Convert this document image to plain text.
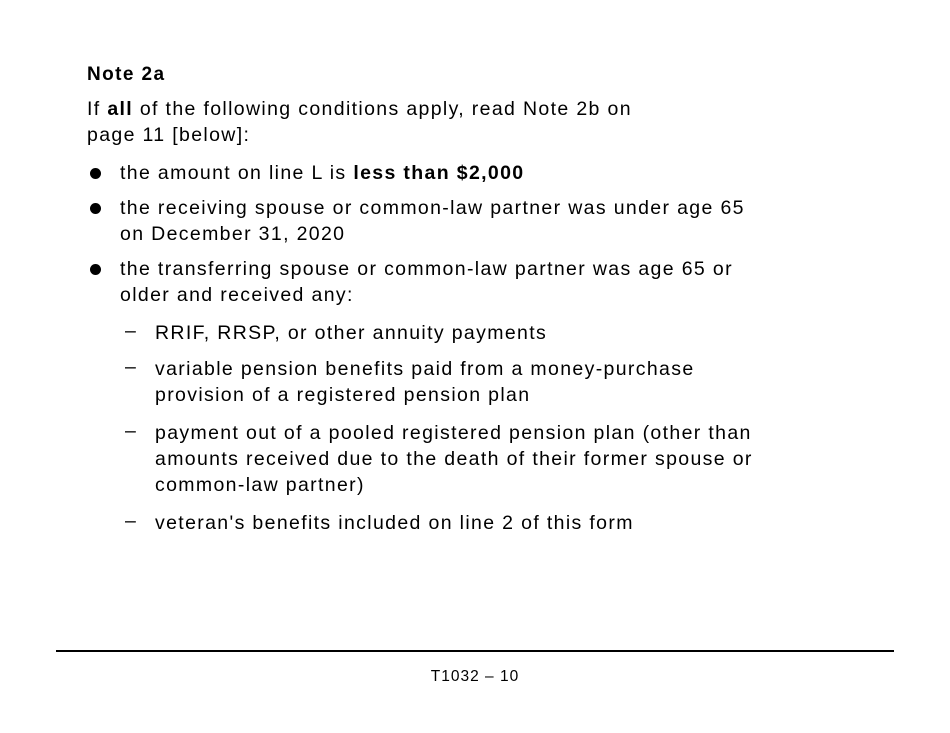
Note 2a

If all of the following conditions apply, read Note 2b on
page 11 [below]:

the amount on line L is less than $2,000
the receiving spouse or common-law partner was under age 65
on December 31, 2020
the transferring spouse or common-law partner was age 65 or
older and received any:
– RRIF, RRSP, or other annuity payments
– variable pension benefits paid from a money-purchase
provision of a registered pension plan
– payment out of a pooled registered pension plan (other than
amounts received due to the death of their former spouse or
common-law partner)
– veteran's benefits included on line 2 of this form
T1032 – 10
